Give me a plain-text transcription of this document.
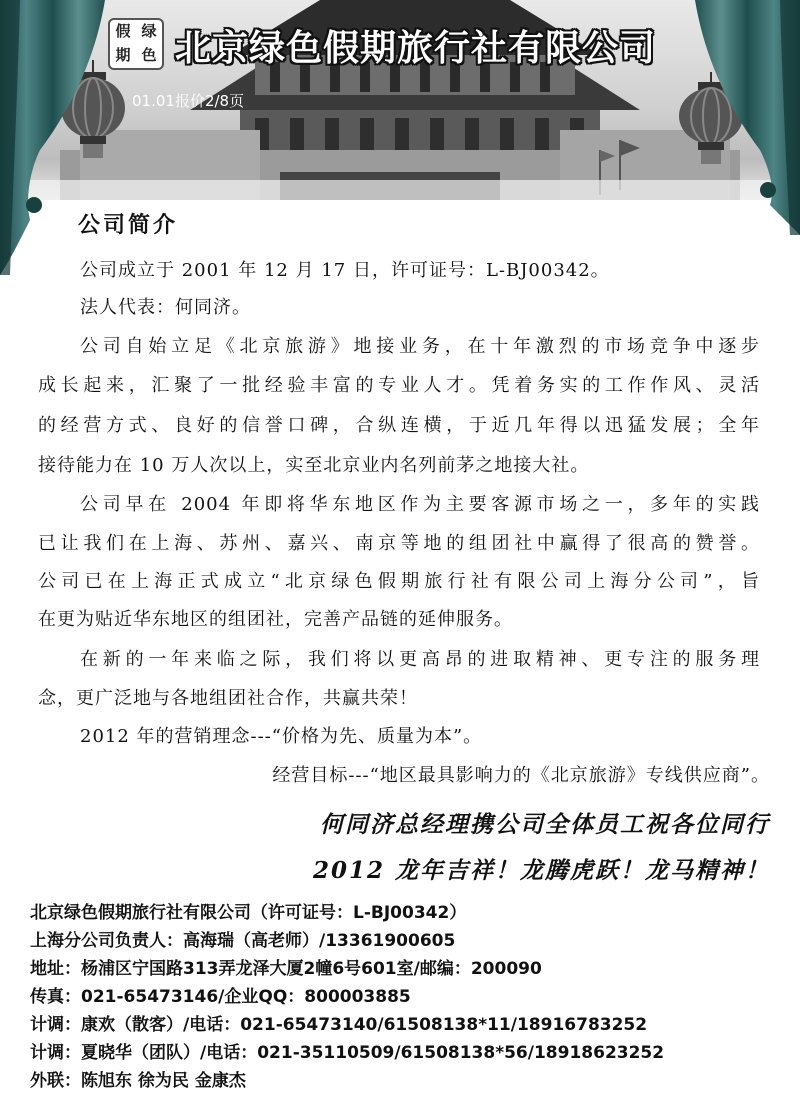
假 绿
期 色 北京绿色假期旅行社有限公司
01.01报价2/8页
公司简介
公司成立于 2001 年 12 月 17 日，许可证号：L-BJ00342。
法人代表：何同济。
公司自始立足《北京旅游》地接业务，在十年激烈的市场竞争中逐步
成长起来，汇聚了一批经验丰富的专业人才。凭着务实的工作作风、灵活
的经营方式、良好的信誉口碑，合纵连横，于近几年得以迅猛发展；全年
接待能力在 10 万人次以上，实至北京业内名列前茅之地接大社。
公司早在 2004 年即将华东地区作为主要客源市场之一，多年的实践
已让我们在上海、苏州、嘉兴、南京等地的组团社中赢得了很高的赞誉。
公司已在上海正式成立“北京绿色假期旅行社有限公司上海分公司”，旨
在更为贴近华东地区的组团社，完善产品链的延伸服务。
在新的一年来临之际，我们将以更高昂的进取精神、更专注的服务理
念，更广泛地与各地组团社合作，共赢共荣！
2012 年的营销理念---“价格为先、质量为本”。
经营目标---“地区最具影响力的《北京旅游》专线供应商”。
何同济总经理携公司全体员工祝各位同行
2012 龙年吉祥！龙腾虎跃！龙马精神！
北京绿色假期旅行社有限公司（许可证号：L-BJ00342）
上海分公司负责人：高海瑞（高老师）/13361900605
地址：杨浦区宁国路313弄龙泽大厦2幢6号601室/邮编：200090
传真：021-65473146/企业QQ：800003885
计调：康欢（散客）/电话：021-65473140/61508138*11/18916783252
计调：夏晓华（团队）/电话：021-35110509/61508138*56/18918623252
外联：陈旭东 徐为民 金康杰
